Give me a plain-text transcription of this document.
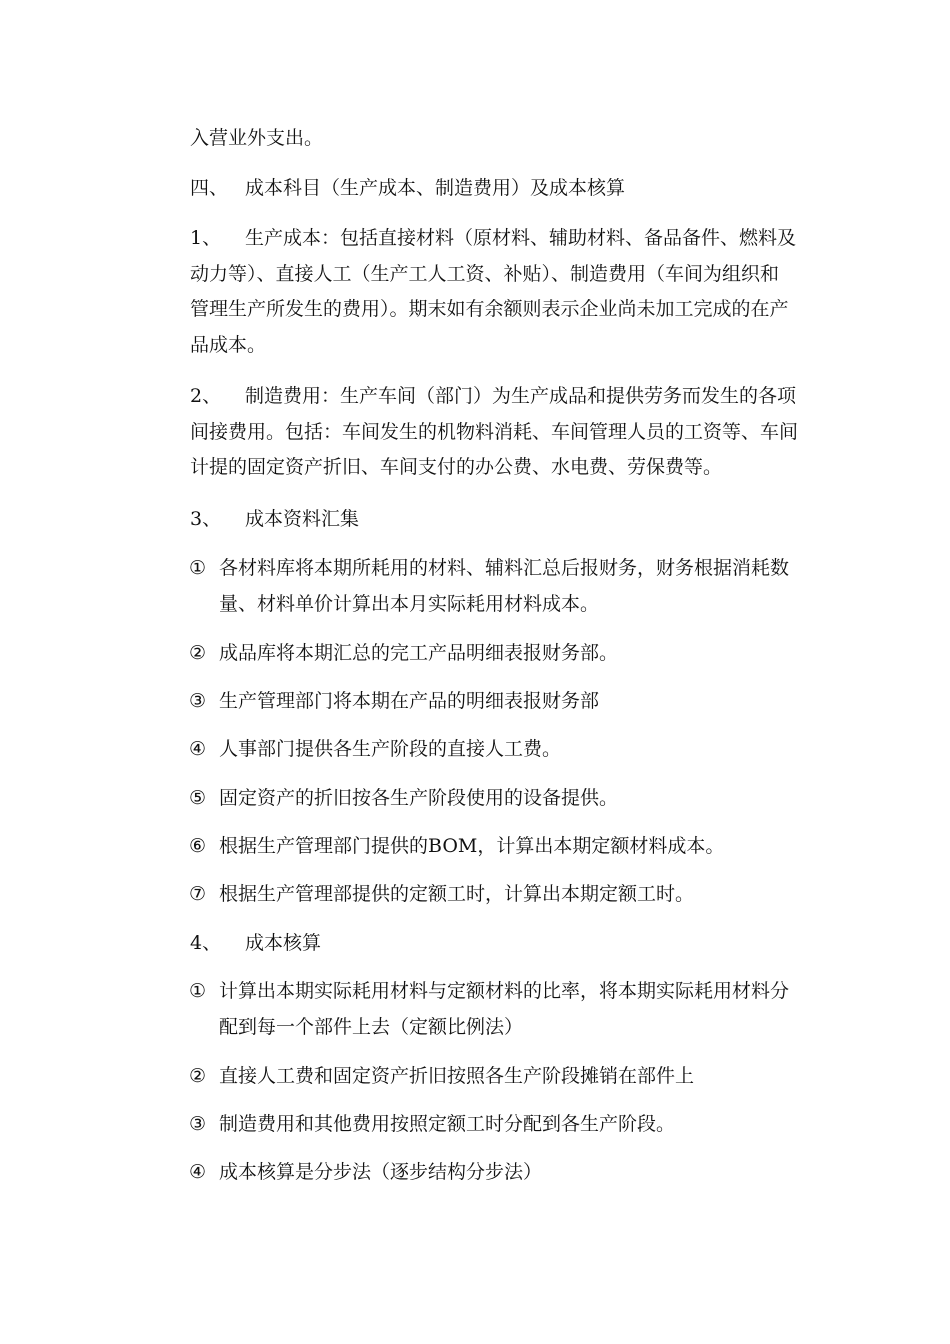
入营业外支出。
四、 成本科目（生产成本、制造费用）及成本核算
1、 生产成本：包括直接材料（原材料、辅助材料、备品备件、燃料及
动力等）、直接人工（生产工人工资、补贴）、制造费用（车间为组织和
管理生产所发生的费用）。期末如有余额则表示企业尚未加工完成的在产
品成本。
2、 制造费用：生产车间（部门）为生产成品和提供劳务而发生的各项
间接费用。包括：车间发生的机物料消耗、车间管理人员的工资等、车间
计提的固定资产折旧、车间支付的办公费、水电费、劳保费等。
3、 成本资料汇集
① 各材料库将本期所耗用的材料、辅料汇总后报财务，财务根据消耗数
量、材料单价计算出本月实际耗用材料成本。
② 成品库将本期汇总的完工产品明细表报财务部。
③ 生产管理部门将本期在产品的明细表报财务部
④ 人事部门提供各生产阶段的直接人工费。
⑤ 固定资产的折旧按各生产阶段使用的设备提供。
⑥ 根据生产管理部门提供的BOM，计算出本期定额材料成本。
⑦ 根据生产管理部提供的定额工时，计算出本期定额工时。
4、 成本核算
① 计算出本期实际耗用材料与定额材料的比率，将本期实际耗用材料分
配到每一个部件上去（定额比例法）
② 直接人工费和固定资产折旧按照各生产阶段摊销在部件上
③ 制造费用和其他费用按照定额工时分配到各生产阶段。
④ 成本核算是分步法（逐步结构分步法）
